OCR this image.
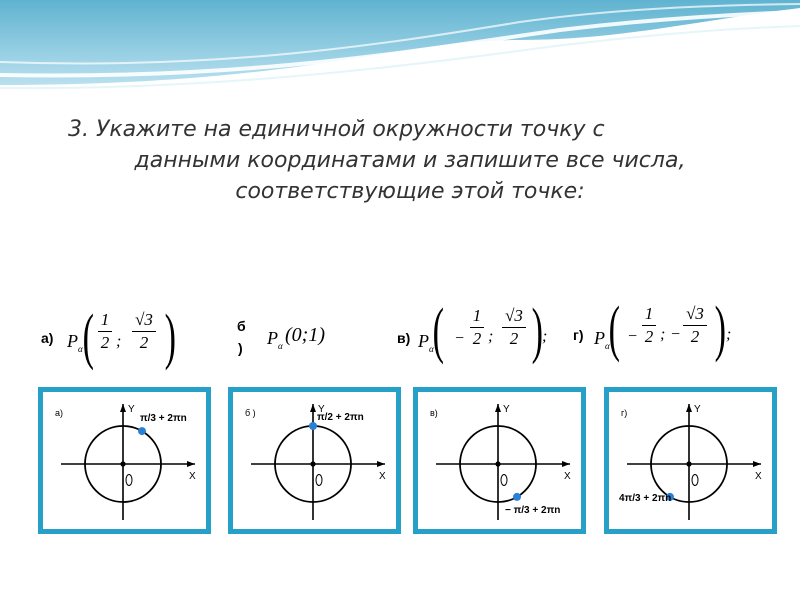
3. Укажите на единичной окружности точку с
данными координатами и запишите все числа,
соответствующие этой точке:
а) P α ( 1
2 ;
√3
2 )	б
) P α (0;1)	в) P α
( −
1
2 ;
√3
2 )
; г) P α
( −
1
2 ; −
√3
2 ) ;
Y
X
а)
π/3 + 2πn
Y
X
б )	π/2 + 2πn
Y
X
в)
− π/3 + 2πn
Y
X
г)
4π/3 + 2πn
